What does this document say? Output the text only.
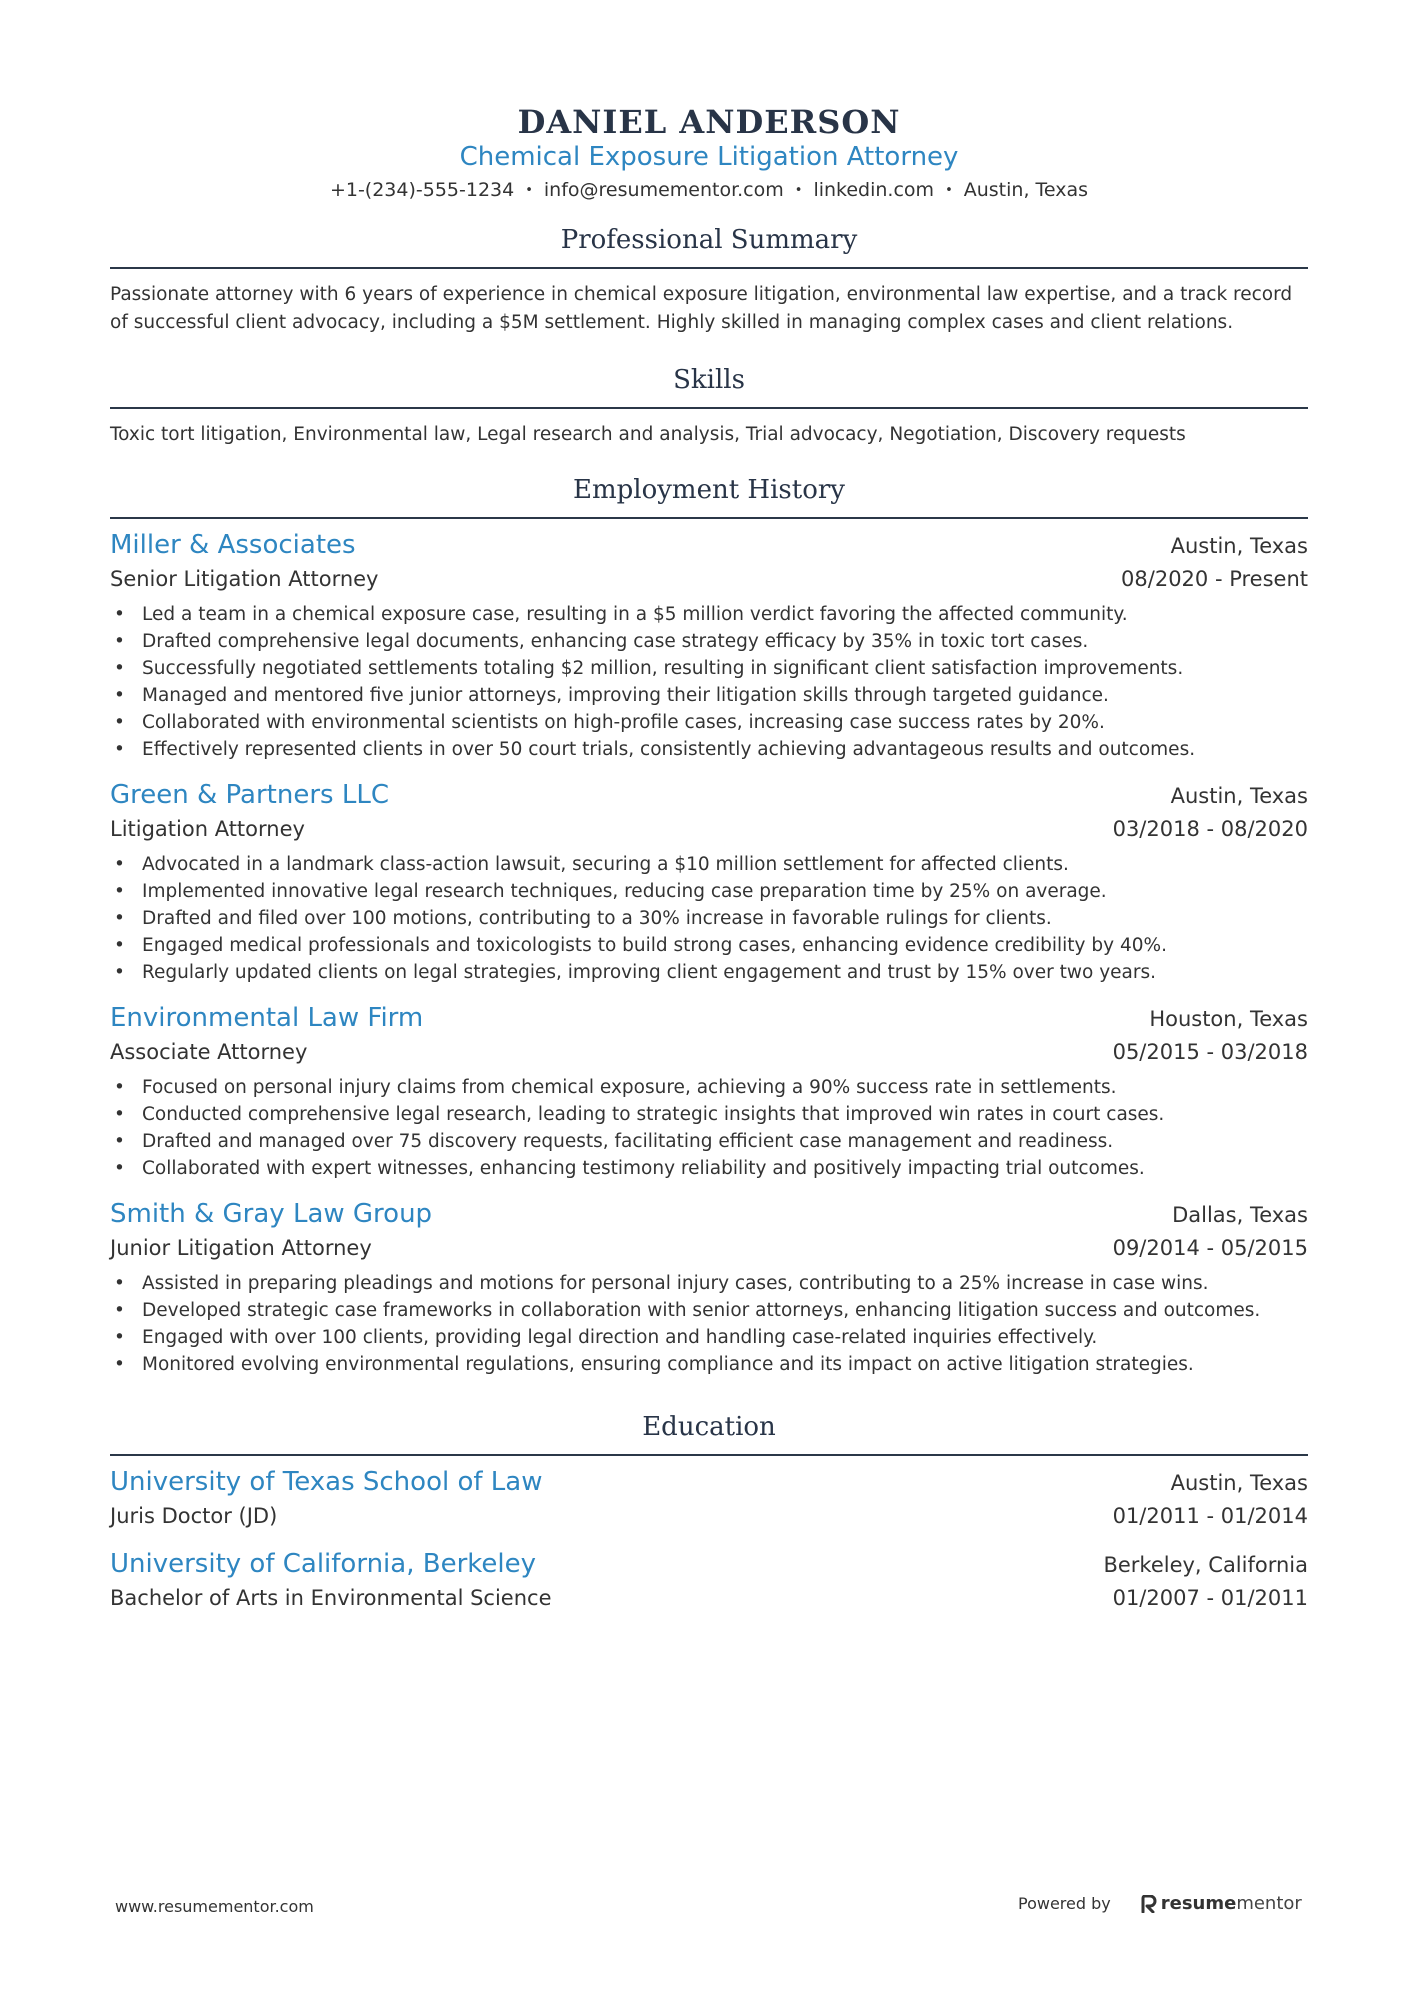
DANIEL ANDERSON
Chemical Exposure Litigation Attorney
+1-(234)-555-1234 • info@resumementor.com • linkedin.com • Austin, Texas
Professional Summary
Passionate attorney with 6 years of experience in chemical exposure litigation, environmental law expertise, and a track record of successful client advocacy, including a $5M settlement. Highly skilled in managing complex cases and client relations.
Skills
Toxic tort litigation, Environmental law, Legal research and analysis, Trial advocacy, Negotiation, Discovery requests
Employment History
Miller & Associates	Austin, Texas
Senior Litigation Attorney	08/2020 - Present
• Led a team in a chemical exposure case, resulting in a $5 million verdict favoring the affected community.
• Drafted comprehensive legal documents, enhancing case strategy efficacy by 35% in toxic tort cases.
• Successfully negotiated settlements totaling $2 million, resulting in significant client satisfaction improvements.
• Managed and mentored five junior attorneys, improving their litigation skills through targeted guidance.
• Collaborated with environmental scientists on high-profile cases, increasing case success rates by 20%.
• Effectively represented clients in over 50 court trials, consistently achieving advantageous results and outcomes.
Green & Partners LLC	Austin, Texas
Litigation Attorney	03/2018 - 08/2020
• Advocated in a landmark class-action lawsuit, securing a $10 million settlement for affected clients.
• Implemented innovative legal research techniques, reducing case preparation time by 25% on average.
• Drafted and filed over 100 motions, contributing to a 30% increase in favorable rulings for clients.
• Engaged medical professionals and toxicologists to build strong cases, enhancing evidence credibility by 40%.
• Regularly updated clients on legal strategies, improving client engagement and trust by 15% over two years.
Environmental Law Firm	Houston, Texas
Associate Attorney	05/2015 - 03/2018
• Focused on personal injury claims from chemical exposure, achieving a 90% success rate in settlements.
• Conducted comprehensive legal research, leading to strategic insights that improved win rates in court cases.
• Drafted and managed over 75 discovery requests, facilitating efficient case management and readiness.
• Collaborated with expert witnesses, enhancing testimony reliability and positively impacting trial outcomes.
Smith & Gray Law Group	Dallas, Texas
Junior Litigation Attorney	09/2014 - 05/2015
• Assisted in preparing pleadings and motions for personal injury cases, contributing to a 25% increase in case wins.
• Developed strategic case frameworks in collaboration with senior attorneys, enhancing litigation success and outcomes.
• Engaged with over 100 clients, providing legal direction and handling case-related inquiries effectively.
• Monitored evolving environmental regulations, ensuring compliance and its impact on active litigation strategies.
Education
University of Texas School of Law	Austin, Texas
Juris Doctor (JD)	01/2011 - 01/2014
University of California, Berkeley	Berkeley, California
Bachelor of Arts in Environmental Science	01/2007 - 01/2011
www.resumementor.com	Powered by	resume mentor
